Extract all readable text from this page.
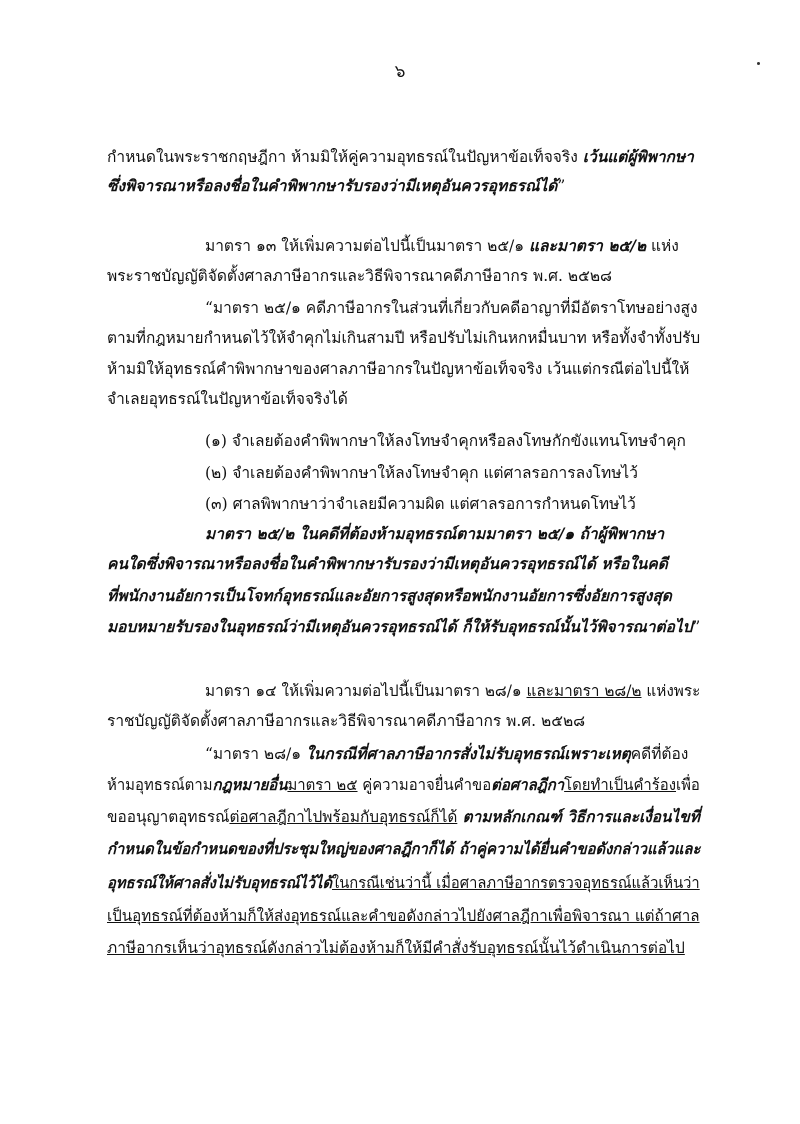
๖
กำหนดในพระราชกฤษฎีกา ห้ามมิให้คู่ความอุทธรณ์ในปัญหาข้อเท็จจริง เว้นแต่ผู้พิพากษา
ซึ่งพิจารณาหรือลงชื่อในคำพิพากษารับรองว่ามีเหตุอันควรอุทธรณ์ได้”
มาตรา ๑๓ ให้เพิ่มความต่อไปนี้เป็นมาตรา ๒๕/๑ และมาตรา ๒๕/๒ แห่ง
พระราชบัญญัติจัดตั้งศาลภาษีอากรและวิธีพิจารณาคดีภาษีอากร พ.ศ. ๒๕๒๘
“มาตรา ๒๕/๑ คดีภาษีอากรในส่วนที่เกี่ยวกับคดีอาญาที่มีอัตราโทษอย่างสูง
ตามที่กฎหมายกำหนดไว้ให้จำคุกไม่เกินสามปี หรือปรับไม่เกินหกหมื่นบาท หรือทั้งจำทั้งปรับ
ห้ามมิให้อุทธรณ์คำพิพากษาของศาลภาษีอากรในปัญหาข้อเท็จจริง เว้นแต่กรณีต่อไปนี้ให้
จำเลยอุทธรณ์ในปัญหาข้อเท็จจริงได้
(๑) จำเลยต้องคำพิพากษาให้ลงโทษจำคุกหรือลงโทษกักขังแทนโทษจำคุก
(๒) จำเลยต้องคำพิพากษาให้ลงโทษจำคุก แต่ศาลรอการลงโทษไว้
(๓) ศาลพิพากษาว่าจำเลยมีความผิด แต่ศาลรอการกำหนดโทษไว้
มาตรา ๒๕/๒ ในคดีที่ต้องห้ามอุทธรณ์ตามมาตรา ๒๕/๑ ถ้าผู้พิพากษา
คนใดซึ่งพิจารณาหรือลงชื่อในคำพิพากษารับรองว่ามีเหตุอันควรอุทธรณ์ได้ หรือในคดี
ที่พนักงานอัยการเป็นโจทก์อุทธรณ์และอัยการสูงสุดหรือพนักงานอัยการซึ่งอัยการสูงสุด
มอบหมายรับรองในอุทธรณ์ว่ามีเหตุอันควรอุทธรณ์ได้ ก็ให้รับอุทธรณ์นั้นไว้พิจารณาต่อไป”
มาตรา ๑๔ ให้เพิ่มความต่อไปนี้เป็นมาตรา ๒๘/๑ และมาตรา ๒๘/๒ แห่งพระ
ราชบัญญัติจัดตั้งศาลภาษีอากรและวิธีพิจารณาคดีภาษีอากร พ.ศ. ๒๕๒๘
“มาตรา ๒๘/๑ ในกรณีที่ศาลภาษีอากรสั่งไม่รับอุทธรณ์เพราะเหตุคดีที่ต้อง
ห้ามอุทธรณ์ตามกฎหมายอื่นมาตรา ๒๕ คู่ความอาจยื่นคำขอต่อศาลฎีกาโดยทำเป็นคำร้องเพื่อ
ขออนุญาตอุทธรณ์ต่อศาลฎีกาไปพร้อมกับอุทธรณ์ก็ได้ ตามหลักเกณฑ์ วิธีการและเงื่อนไขที่
กำหนดในข้อกำหนดของที่ประชุมใหญ่ของศาลฎีกาก็ได้ ถ้าคู่ความได้ยื่นคำขอดังกล่าวแล้วและ
อุทธรณ์ให้ศาลสั่งไม่รับอุทธรณ์ไว้ได้ในกรณีเช่นว่านี้ เมื่อศาลภาษีอากรตรวจอุทธรณ์แล้วเห็นว่า
เป็นอุทธรณ์ที่ต้องห้ามก็ให้ส่งอุทธรณ์และคำขอดังกล่าวไปยังศาลฎีกาเพื่อพิจารณา แต่ถ้าศาล
ภาษีอากรเห็นว่าอุทธรณ์ดังกล่าวไม่ต้องห้ามก็ให้มีคำสั่งรับอุทธรณ์นั้นไว้ดำเนินการต่อไป
